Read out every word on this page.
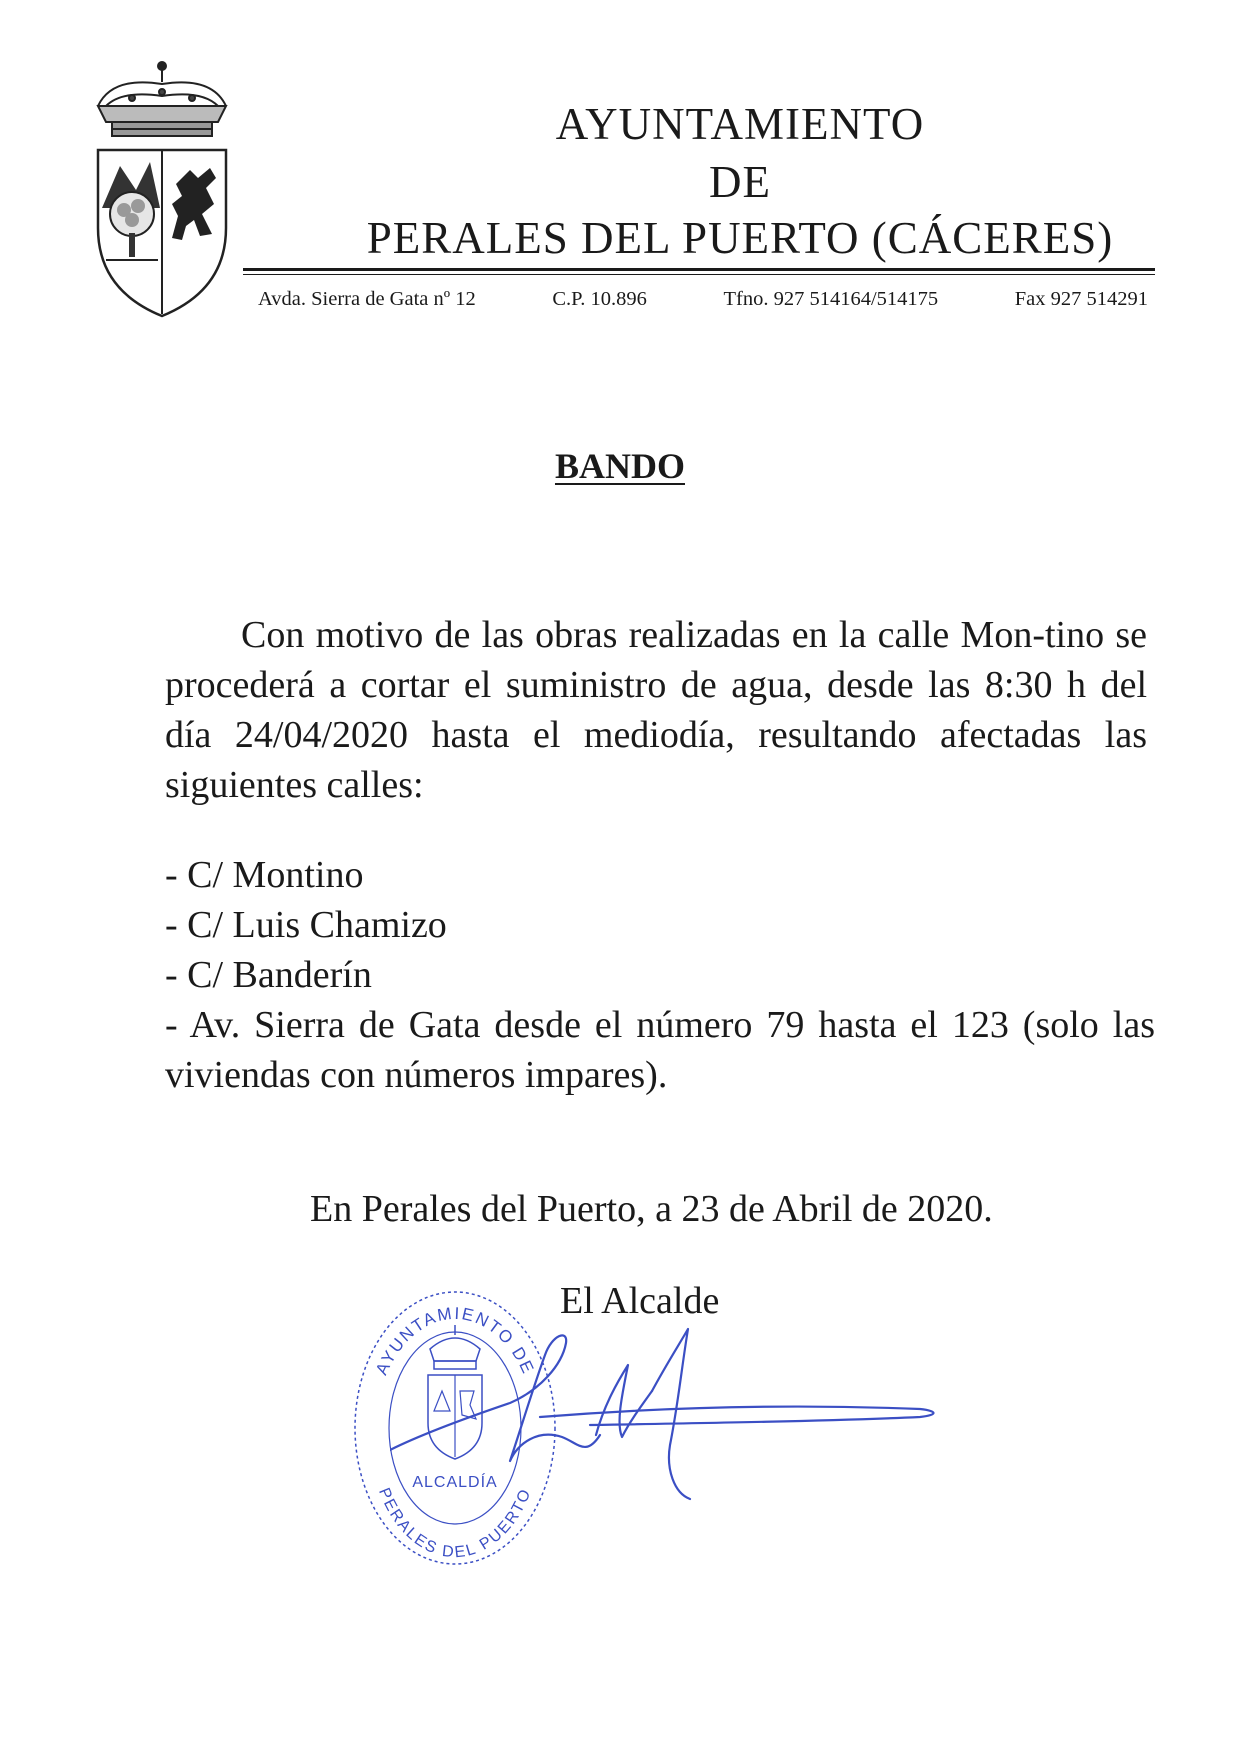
AYUNTAMIENTO
DE
PERALES DEL PUERTO (CÁCERES)
Avda. Sierra de Gata nº 12	C.P. 10.896	Tfno. 927 514164/514175	Fax 927 514291
BANDO

Con motivo de las obras realizadas en la calle Mon-tino se procederá a cortar el suministro de agua, desde las 8:30 h del día 24/04/2020 hasta el mediodía, resultando afectadas las siguientes calles:

- C/ Montino
- C/ Luis Chamizo
- C/ Banderín
- Av. Sierra de Gata desde el número 79 hasta el 123 (solo las viviendas con números impares).
En Perales del Puerto, a 23 de Abril de 2020.
El Alcalde
AYUNTAMIENTO DE
ALCALDÍA
PERALES DEL PUERTO
